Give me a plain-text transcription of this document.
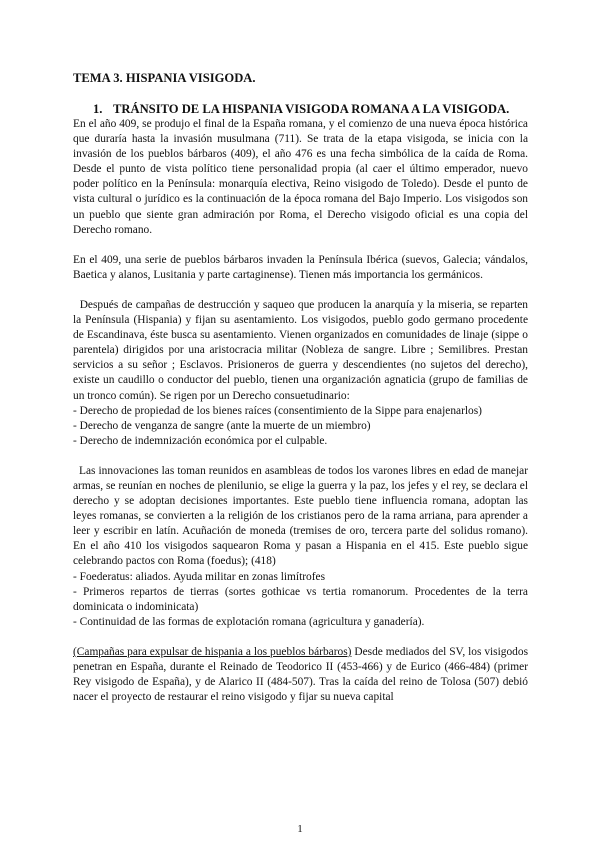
TEMA 3. HISPANIA VISIGODA.
1. TRÁNSITO DE LA HISPANIA VISIGODA ROMANA A LA VISIGODA.

En el año 409, se produjo el final de la España romana, y el comienzo de una nueva época histórica que duraría hasta la invasión musulmana (711). Se trata de la etapa visigoda, se inicia con la invasión de los pueblos bárbaros (409), el año 476 es una fecha simbólica de la caída de Roma. Desde el punto de vista político tiene personalidad propia (al caer el último emperador, nuevo poder político en la Península: monarquía electiva, Reino visigodo de Toledo). Desde el punto de vista cultural o jurídico es la continuación de la época romana del Bajo Imperio. Los visigodos son un pueblo que siente gran admiración por Roma, el Derecho visigodo oficial es una copia del Derecho romano.

En el 409, una serie de pueblos bárbaros invaden la Península Ibérica (suevos, Galecia; vándalos, Baetica y alanos, Lusitania y parte cartaginense). Tienen más importancia los germánicos.

Después de campañas de destrucción y saqueo que producen la anarquía y la miseria, se reparten la Península (Hispania) y fijan su asentamiento. Los visigodos, pueblo godo germano procedente de Escandinava, éste busca su asentamiento. Vienen organizados en comunidades de linaje (sippe o parentela) dirigidos por una aristocracia militar (Nobleza de sangre. Libre ; Semilibres. Prestan servicios a su señor ; Esclavos. Prisioneros de guerra y descendientes (no sujetos del derecho), existe un caudillo o conductor del pueblo, tienen una organización agnaticia (grupo de familias de un tronco común). Se rigen por un Derecho consuetudinario:

- Derecho de propiedad de los bienes raíces (consentimiento de la Sippe para enajenarlos)

- Derecho de venganza de sangre (ante la muerte de un miembro)

- Derecho de indemnización económica por el culpable.

Las innovaciones las toman reunidos en asambleas de todos los varones libres en edad de manejar armas, se reunían en noches de plenilunio, se elige la guerra y la paz, los jefes y el rey, se declara el derecho y se adoptan decisiones importantes. Este pueblo tiene influencia romana, adoptan las leyes romanas, se convierten a la religión de los cristianos pero de la rama arriana, para aprender a leer y escribir en latín. Acuñación de moneda (tremises de oro, tercera parte del solidus romano). En el año 410 los visigodos saquearon Roma y pasan a Hispania en el 415. Este pueblo sigue celebrando pactos con Roma (foedus); (418)

- Foederatus: aliados. Ayuda militar en zonas limítrofes

- Primeros repartos de tierras (sortes gothicae vs tertia romanorum. Procedentes de la terra dominicata o indominicata)

- Continuidad de las formas de explotación romana (agricultura y ganadería).

(Campañas para expulsar de hispania a los pueblos bárbaros) Desde mediados del SV, los visigodos penetran en España, durante el Reinado de Teodorico II (453-466) y de Eurico (466-484) (primer Rey visigodo de España), y de Alarico II (484-507). Tras la caída del reino de Tolosa (507) debió nacer el proyecto de restaurar el reino visigodo y fijar su nueva capital

1
